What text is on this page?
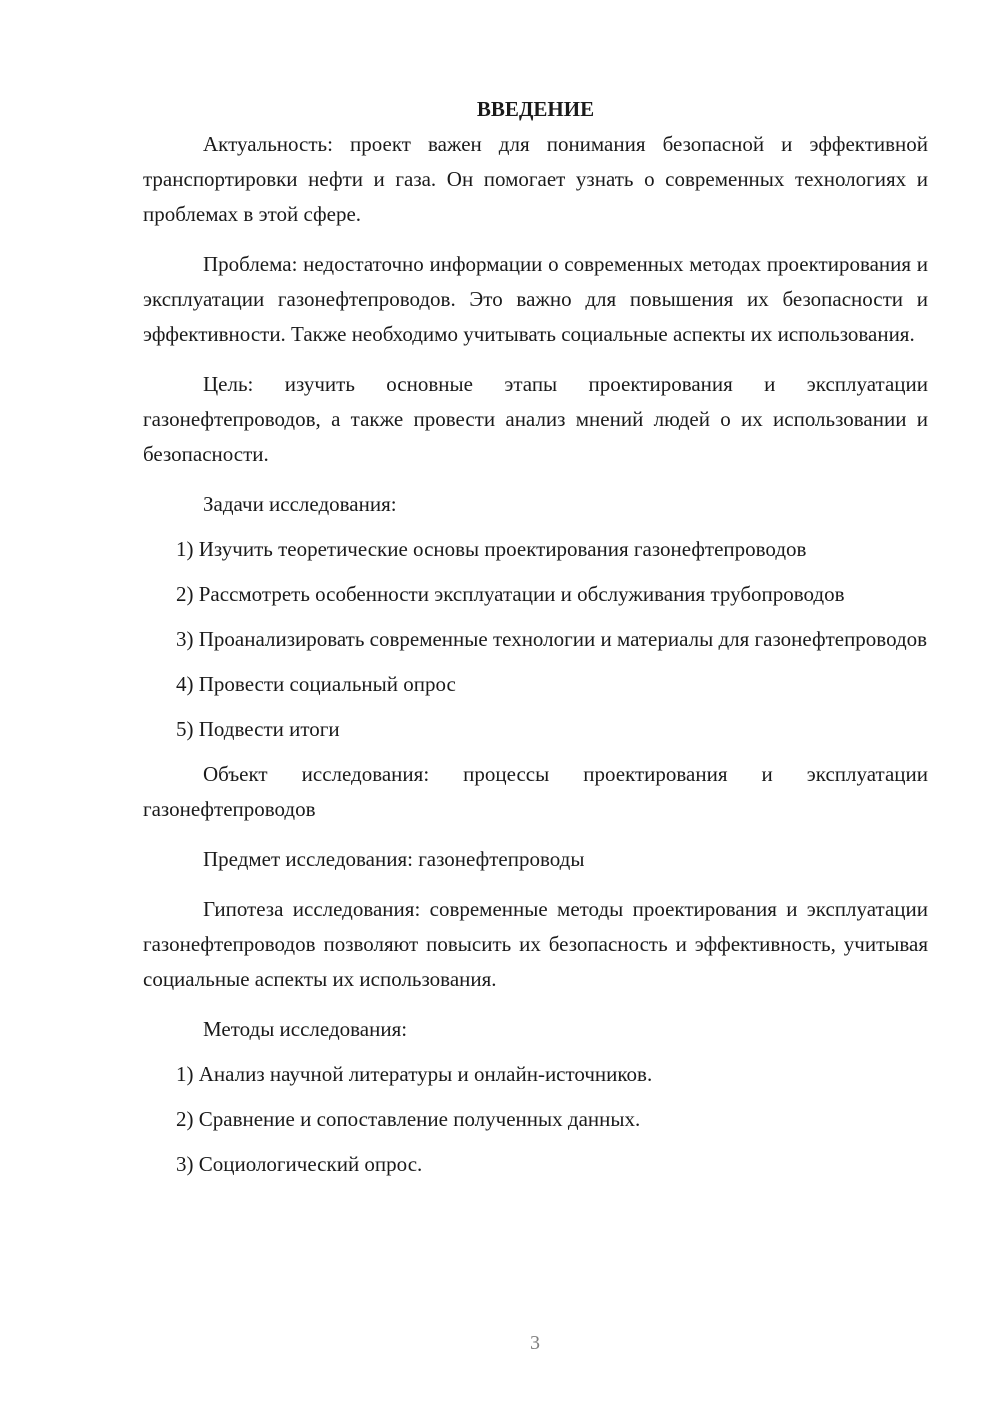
ВВЕДЕНИЕ

Актуальность: проект важен для понимания безопасной и эффективной транспортировки нефти и газа. Он помогает узнать о современных технологиях и проблемах в этой сфере.

Проблема: недостаточно информации о современных методах проектирования и эксплуатации газонефтепроводов. Это важно для повышения их безопасности и эффективности. Также необходимо учитывать социальные аспекты их использования.

Цель: изучить основные этапы проектирования и эксплуатации газонефтепроводов, а также провести анализ мнений людей о их использовании и безопасности.

Задачи исследования:

1) Изучить теоретические основы проектирования газонефтепроводов

2) Рассмотреть особенности эксплуатации и обслуживания трубопроводов

3) Проанализировать современные технологии и материалы для газонефтепроводов

4) Провести социальный опрос

5) Подвести итоги

Объект исследования: процессы проектирования и эксплуатации газонефтепроводов

Предмет исследования: газонефтепроводы

Гипотеза исследования: современные методы проектирования и эксплуатации газонефтепроводов позволяют повысить их безопасность и эффективность, учитывая социальные аспекты их использования.

Методы исследования:

1) Анализ научной литературы и онлайн-источников.

2) Сравнение и сопоставление полученных данных.

3) Социологический опрос.

3
